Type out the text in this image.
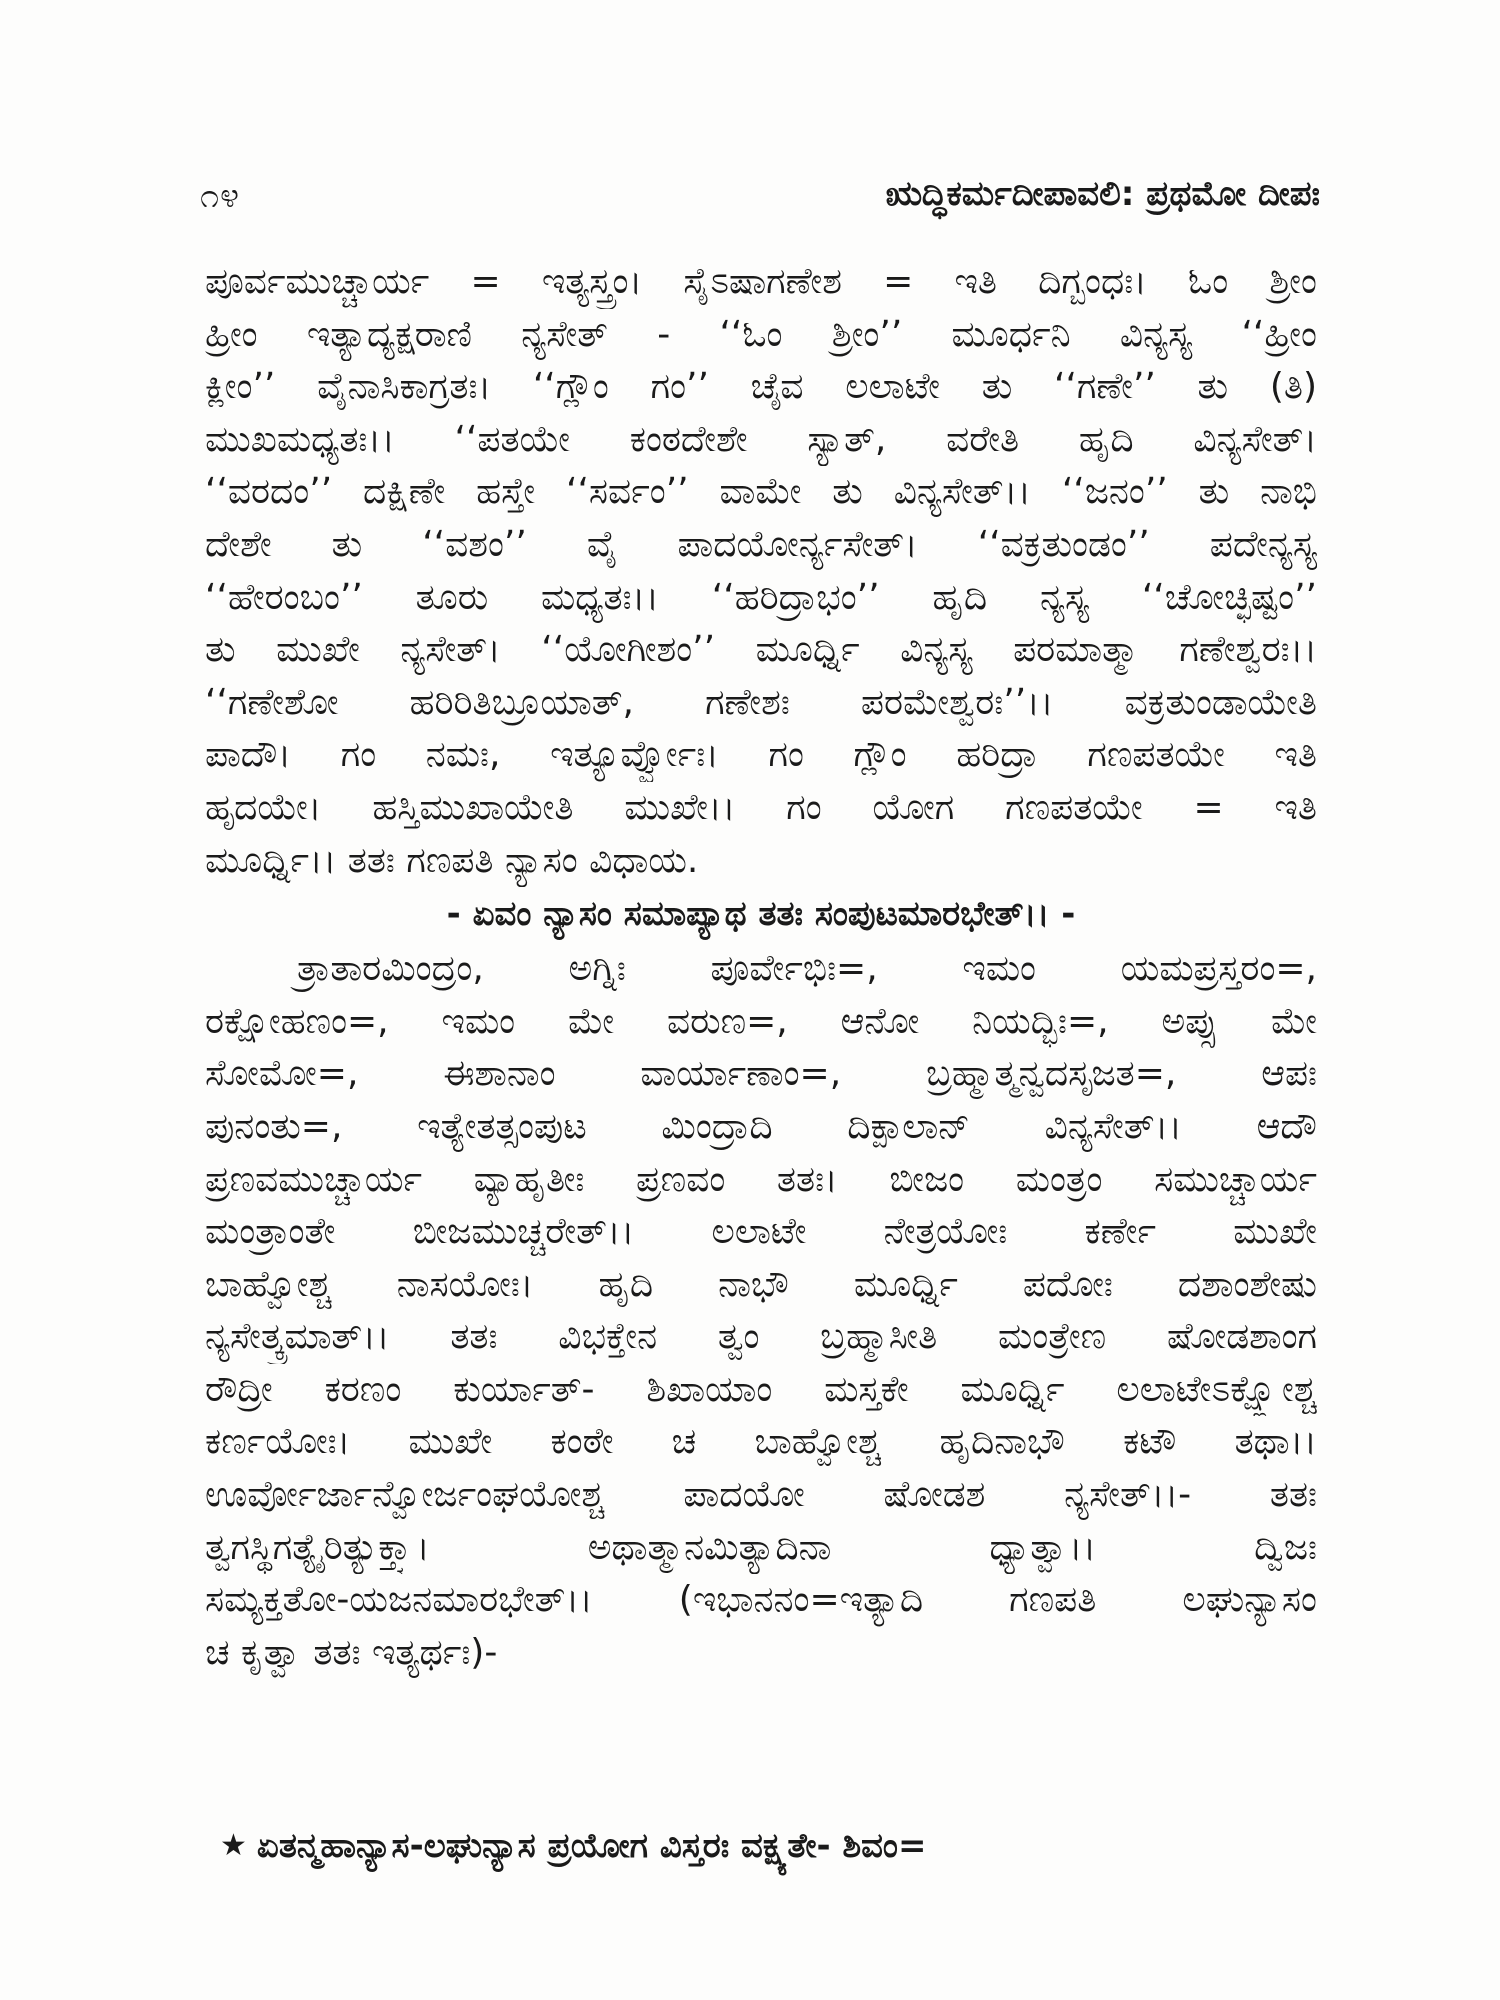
೧೪	ಋದ್ಧಿಕರ್ಮದೀಪಾವಲಿ: ಪ್ರಥಮೋ ದೀಪಃ
ಪೂರ್ವಮುಚ್ಚಾರ್ಯ = ಇತ್ಯಸ್ತ್ರಂ। ಸೈಽಷಾಗಣೇಶ = ಇತಿ ದಿಗ್ಬಂಧಃ। ಓಂ ಶ್ರೀಂ
ಹ್ರೀಂ ಇತ್ಯಾದ್ಯಕ್ಷರಾಣಿ ನ್ಯಸೇತ್ - ‘‘ಓಂ ಶ್ರೀಂ’’ ಮೂರ್ಧನಿ ವಿನ್ಯಸ್ಯ ‘‘ಹ್ರೀಂ
ಕ್ಲೀಂ’’ ವೈನಾಸಿಕಾಗ್ರತಃ। ‘‘ಗ್ಲೌಂ ಗಂ’’ ಚೈವ ಲಲಾಟೇ ತು ‘‘ಗಣೇ’’ ತು (ತಿ)
ಮುಖಮಧ್ಯತಃ।। ‘‘ಪತಯೇ ಕಂಠದೇಶೇ ಸ್ಯಾತ್, ವರೇತಿ ಹೃದಿ ವಿನ್ಯಸೇತ್।
‘‘ವರದಂ’’ ದಕ್ಷಿಣೇ ಹಸ್ತೇ ‘‘ಸರ್ವಂ’’ ವಾಮೇ ತು ವಿನ್ಯಸೇತ್।। ‘‘ಜನಂ’’ ತು ನಾಭಿ
ದೇಶೇ ತು ‘‘ವಶಂ’’ ವೈ ಪಾದಯೋರ್ನ್ಯಸೇತ್। ‘‘ವಕ್ರತುಂಡಂ’’ ಪದೇನ್ಯಸ್ಯ
‘‘ಹೇರಂಬಂ’’ ತೂರು ಮಧ್ಯತಃ।। ‘‘ಹರಿದ್ರಾಭಂ’’ ಹೃದಿ ನ್ಯಸ್ಯ ‘‘ಚೋಚ್ಛಿಷ್ಟಂ’’
ತು ಮುಖೇ ನ್ಯಸೇತ್। ‘‘ಯೋಗೀಶಂ’’ ಮೂರ್ಧ್ನಿ ವಿನ್ಯಸ್ಯ ಪರಮಾತ್ಮಾ ಗಣೇಶ್ವರಃ।।
‘‘ಗಣೇಶೋ ಹರಿರಿತಿಬ್ರೂಯಾತ್, ಗಣೇಶಃ ಪರಮೇಶ್ವರಃ’’।। ವಕ್ರತುಂಡಾಯೇತಿ
ಪಾದೌ। ಗಂ ನಮಃ, ಇತ್ಯೂರ್ವ್ವೋಃ। ಗಂ ಗ್ಲೌಂ ಹರಿದ್ರಾ ಗಣಪತಯೇ ಇತಿ
ಹೃದಯೇ। ಹಸ್ತಿಮುಖಾಯೇತಿ ಮುಖೇ।। ಗಂ ಯೋಗ ಗಣಪತಯೇ = ಇತಿ
ಮೂರ್ಧ್ನಿ।। ತತಃ ಗಣಪತಿ ನ್ಯಾಸಂ ವಿಧಾಯ.
- ಏವಂ ನ್ಯಾಸಂ ಸಮಾಪ್ಯಾಥ ತತಃ ಸಂಪುಟಮಾರಭೇತ್।। -
ತ್ರಾತಾರಮಿಂದ್ರಂ, ಅಗ್ನಿಃ ಪೂರ್ವೇಭಿಃ=, ಇಮಂ ಯಮಪ್ರಸ್ತರಂ=,
ರಕ್ಷೋಹಣಂ=, ಇಮಂ ಮೇ ವರುಣ=, ಆನೋ ನಿಯದ್ಭಿಃ=, ಅಪ್ಸು ಮೇ
ಸೋಮೋ=, ಈಶಾನಾಂ ವಾರ್ಯಾಣಾಂ=, ಬ್ರಹ್ಮಾತ್ಮನ್ವದಸೃಜತ=, ಆಪಃ
ಪುನಂತು=, ಇತ್ಯೇತತ್ಸಂಪುಟ ಮಿಂದ್ರಾದಿ ದಿಕ್ಪಾಲಾನ್ ವಿನ್ಯಸೇತ್।। ಆದೌ
ಪ್ರಣವಮುಚ್ಚಾರ್ಯ ವ್ಯಾಹೃತೀಃ ಪ್ರಣವಂ ತತಃ। ಬೀಜಂ ಮಂತ್ರಂ ಸಮುಚ್ಚಾರ್ಯ
ಮಂತ್ರಾಂತೇ ಬೀಜಮುಚ್ಚರೇತ್।। ಲಲಾಟೇ ನೇತ್ರಯೋಃ ಕರ್ಣೇ ಮುಖೇ
ಬಾಹ್ವೋಶ್ಚ ನಾಸಯೋಃ। ಹೃದಿ ನಾಭೌ ಮೂರ್ಧ್ನಿ ಪದೋಃ ದಶಾಂಶೇಷು
ನ್ಯಸೇತ್ಕ್ರಮಾತ್।। ತತಃ ವಿಭಕ್ತೇನ ತ್ವಂ ಬ್ರಹ್ಮಾಸೀತಿ ಮಂತ್ರೇಣ ಷೋಡಶಾಂಗ
ರೌದ್ರೀ ಕರಣಂ ಕುರ್ಯಾತ್- ಶಿಖಾಯಾಂ ಮಸ್ತಕೇ ಮೂರ್ಧ್ನಿ ಲಲಾಟೇಽಕ್ಷ್ಣೋಶ್ಚ
ಕರ್ಣಯೋಃ। ಮುಖೇ ಕಂಠೇ ಚ ಬಾಹ್ವೋಶ್ಚ ಹೃದಿನಾಭೌ ಕಟೌ ತಥಾ।।
ಊರ್ವೋರ್ಜಾನ್ವೋರ್ಜಂಘಯೋಶ್ಚ ಪಾದಯೋ ಷೋಡಶ ನ್ಯಸೇತ್।।- ತತಃ
ತ್ವಗಸ್ಥಿಗತ್ಯೈರಿತ್ಯುಕ್ತ್ವಾ। ಅಥಾತ್ಮಾನಮಿತ್ಯಾದಿನಾ ಧ್ಯಾತ್ವಾ।। ದ್ವಿಜಃ
ಸಮ್ಯಕ್ತತೋ-ಯಜನಮಾರಭೇತ್।। (ಇಭಾನನಂ=ಇತ್ಯಾದಿ ಗಣಪತಿ ಲಘುನ್ಯಾಸಂ
ಚ ಕೃತ್ವಾ ತತಃ ಇತ್ಯರ್ಥಃ)-
★ ಏತನ್ಮಹಾನ್ಯಾಸ-ಲಘುನ್ಯಾಸ ಪ್ರಯೋಗ ವಿಸ್ತರಃ ವಕ್ಷ್ಯತೇ- ಶಿವಂ=
